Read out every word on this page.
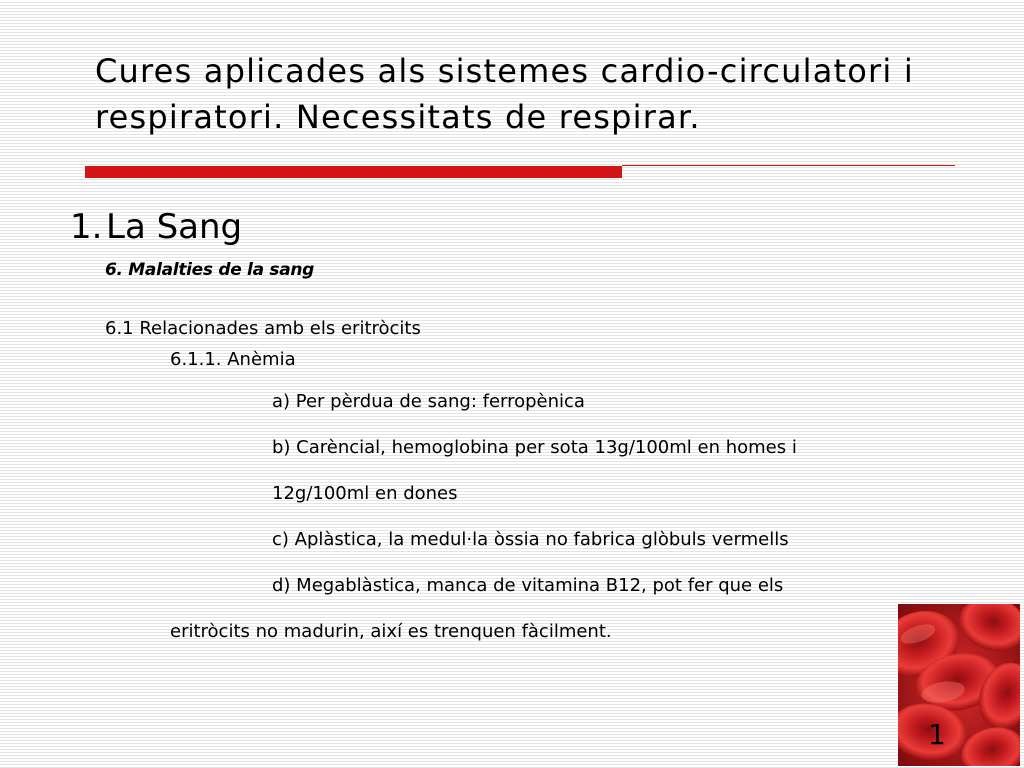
Cures aplicades als sistemes cardio-circulatori i
respiratori. Necessitats de respirar.
1. La Sang
6. Malalties de la sang
6.1 Relacionades amb els eritròcits
6.1.1. Anèmia
a) Per pèrdua de sang: ferropènica
b) Carèncial, hemoglobina per sota 13g/100ml en homes i
12g/100ml en dones
c) Aplàstica, la medul·la òssia no fabrica glòbuls vermells
d) Megablàstica, manca de vitamina B12, pot fer que els
eritròcits no madurin, així es trenquen fàcilment.
1
